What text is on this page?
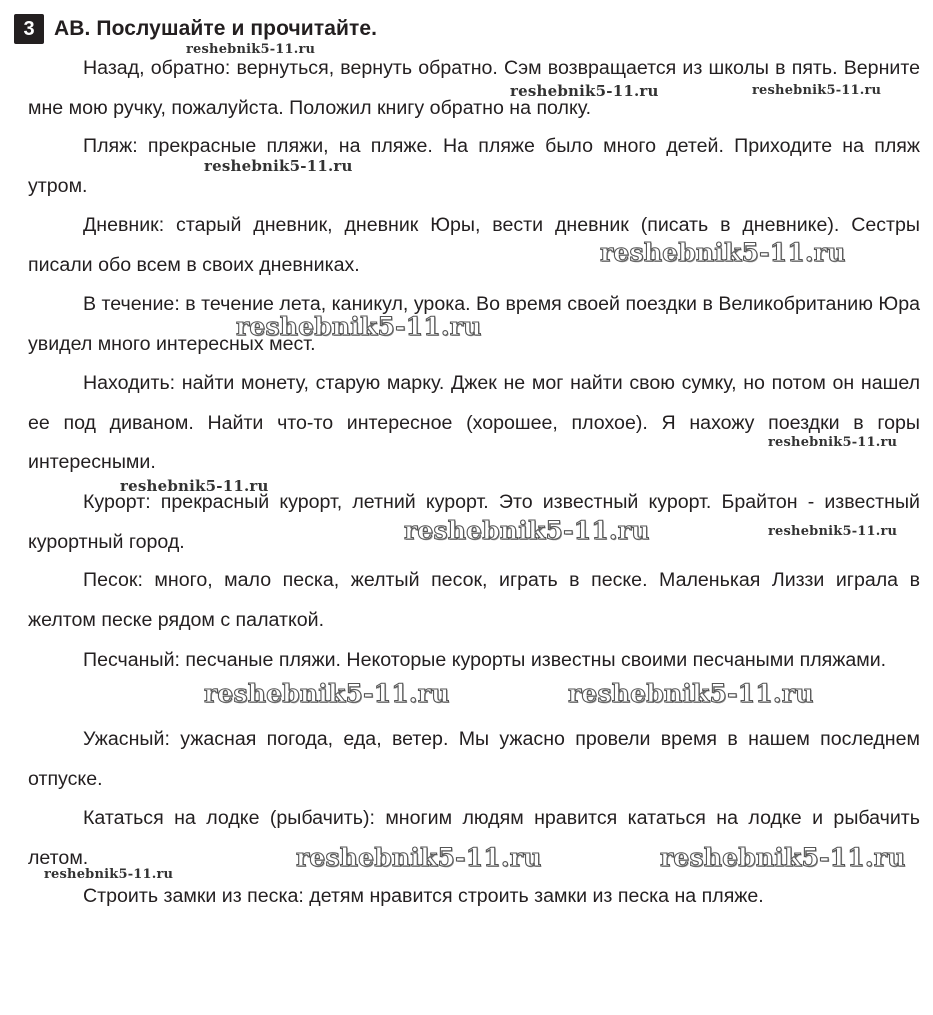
3 AB. Послушайте и прочитайте.

Назад, обратно: вернуться, вернуть обратно. Сэм возвращается из школы в пять. Верните мне мою ручку, пожалуйста. Положил книгу обратно на полку.

Пляж: прекрасные пляжи, на пляже. На пляже было много детей. Приходите на пляж утром.

Дневник: старый дневник, дневник Юры, вести дневник (писать в дневнике). Сестры писали обо всем в своих дневниках.

В течение: в течение лета, каникул, урока. Во время своей поездки в Великобританию Юра увидел много интересных мест.

Находить: найти монету, старую марку. Джек не мог найти свою сумку, но потом он нашел ее под диваном. Найти что-то интересное (хорошее, плохое). Я нахожу поездки в горы интересными.

Курорт: прекрасный курорт, летний курорт. Это известный курорт. Брайтон - известный курортный город.

Песок: много, мало песка, желтый песок, играть в песке. Маленькая Лиззи играла в желтом песке рядом с палаткой.

Песчаный: песчаные пляжи. Некоторые курорты известны своими песчаными пляжами.

Ужасный: ужасная погода, еда, ветер. Мы ужасно провели время в нашем последнем отпуске.

Кататься на лодке (рыбачить): многим людям нравится кататься на лодке и рыбачить летом.

Строить замки из песка: детям нравится строить замки из песка на пляже.

reshebnik5-11.ru
reshebnik5-11.ru	reshebnik5-11.ru
reshebnik5-11.ru
reshebnik5-11.ru
reshebnik5-11.ru
reshebnik5-11.ru
reshebnik5-11.ru
reshebnik5-11.ru	reshebnik5-11.ru
reshebnik5-11.ru	reshebnik5-11.ru
reshebnik5-11.ru	reshebnik5-11.ru
reshebnik5-11.ru
